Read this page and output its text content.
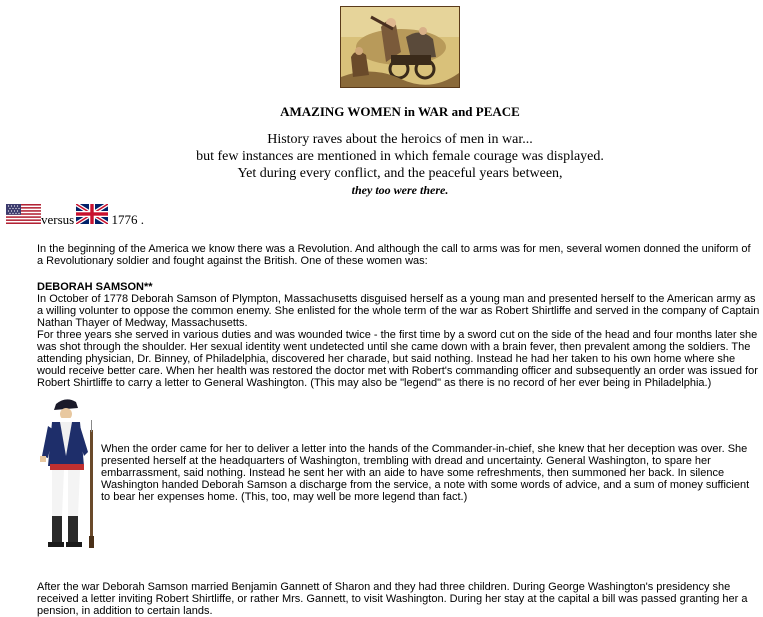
AMAZING WOMEN in WAR and PEACE
History raves about the heroics of men in war...
but few instances are mentioned in which female courage was displayed.
Yet during every conflict, and the peaceful years between,
they too were there.
versus	1776 .
In the beginning of the America we know there was a Revolution. And although the call to arms was for men, several women donned the uniform of a Revolutionary soldier and fought against the British. One of these women was:
DEBORAH SAMSON**
In October of 1778 Deborah Samson of Plympton, Massachusetts disguised herself as a young man and presented herself to the American army as a willing volunter to oppose the common enemy. She enlisted for the whole term of the war as Robert Shirtliffe and served in the company of Captain Nathan Thayer of Medway, Massachusetts.
For three years she served in various duties and was wounded twice - the first time by a sword cut on the side of the head and four months later she was shot through the shoulder. Her sexual identity went undetected until she came down with a brain fever, then prevalent among the soldiers. The attending physician, Dr. Binney, of Philadelphia, discovered her charade, but said nothing. Instead he had her taken to his own home where she would receive better care. When her health was restored the doctor met with Robert's commanding officer and subsequently an order was issued for Robert Shirtliffe to carry a letter to General Washington. (This may also be "legend" as there is no record of her ever being in Philadelphia.)
When the order came for her to deliver a letter into the hands of the Commander-in-chief, she knew that her deception was over. She presented herself at the headquarters of Washington, trembling with dread and uncertainty. General Washington, to spare her embarrassment, said nothing. Instead he sent her with an aide to have some refreshments, then summoned her back. In silence Washington handed Deborah Samson a discharge from the service, a note with some words of advice, and a sum of money sufficient to bear her expenses home. (This, too, may well be more legend than fact.)
After the war Deborah Samson married Benjamin Gannett of Sharon and they had three children. During George Washington's presidency she received a letter inviting Robert Shirtliffe, or rather Mrs. Gannett, to visit Washington. During her stay at the capital a bill was passed granting her a pension, in addition to certain lands.
